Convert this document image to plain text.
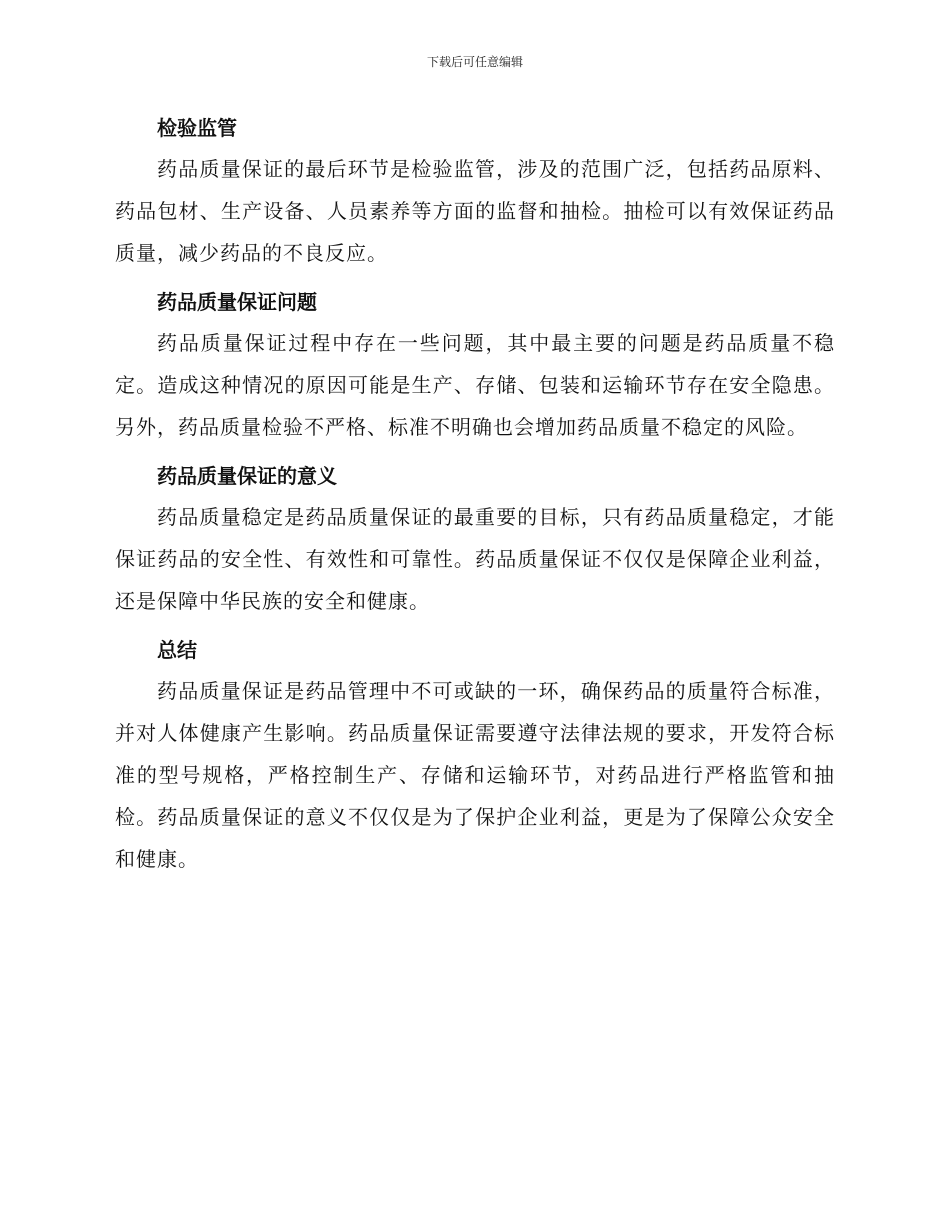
下载后可任意编辑
检验监管

药品质量保证的最后环节是检验监管，涉及的范围广泛，包括药品原料、药品包材、生产设备、人员素养等方面的监督和抽检。抽检可以有效保证药品质量，减少药品的不良反应。

药品质量保证问题

药品质量保证过程中存在一些问题，其中最主要的问题是药品质量不稳定。造成这种情况的原因可能是生产、存储、包装和运输环节存在安全隐患。另外，药品质量检验不严格、标准不明确也会增加药品质量不稳定的风险。

药品质量保证的意义

药品质量稳定是药品质量保证的最重要的目标，只有药品质量稳定，才能保证药品的安全性、有效性和可靠性。药品质量保证不仅仅是保障企业利益，还是保障中华民族的安全和健康。

总结

药品质量保证是药品管理中不可或缺的一环，确保药品的质量符合标准，并对人体健康产生影响。药品质量保证需要遵守法律法规的要求，开发符合标准的型号规格，严格控制生产、存储和运输环节，对药品进行严格监管和抽检。药品质量保证的意义不仅仅是为了保护企业利益，更是为了保障公众安全和健康。
